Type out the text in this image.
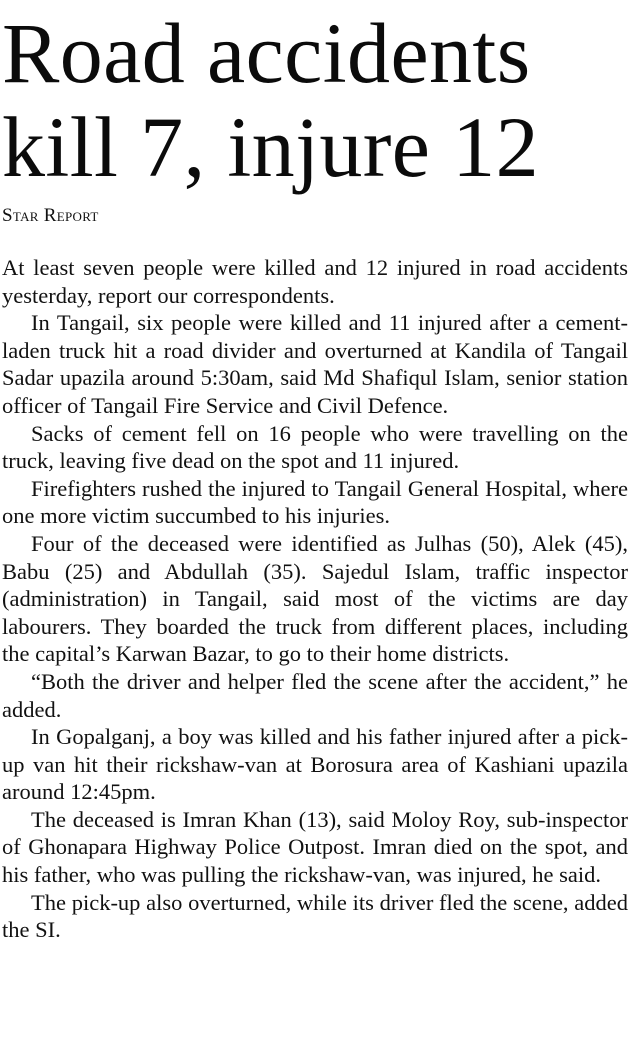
Road accidents
kill 7, injure 12
Star Report

At least seven people were killed and 12 injured in road accidents yesterday, report our correspondents.

In Tangail, six people were killed and 11 injured after a cement-laden truck hit a road divider and overturned at Kandila of Tangail Sadar upazila around 5:30am, said Md Shafiqul Islam, senior station officer of Tangail Fire Service and Civil Defence.

Sacks of cement fell on 16 people who were travelling on the truck, leaving five dead on the spot and 11 injured.

Firefighters rushed the injured to Tangail General Hospital, where one more victim succumbed to his injuries.

Four of the deceased were identified as Julhas (50), Alek (45), Babu (25) and Abdullah (35). Sajedul Islam, traffic inspector (administration) in Tangail, said most of the victims are day labourers. They boarded the truck from different places, including the capital’s Karwan Bazar, to go to their home districts.

“Both the driver and helper fled the scene after the accident,” he added.

In Gopalganj, a boy was killed and his father injured after a pick-up van hit their rickshaw-van at Borosura area of Kashiani upazila around 12:45pm.

The deceased is Imran Khan (13), said Moloy Roy, sub-inspector of Ghonapara Highway Police Outpost. Imran died on the spot, and his father, who was pulling the rickshaw-van, was injured, he said.

The pick-up also overturned, while its driver fled the scene, added the SI.
